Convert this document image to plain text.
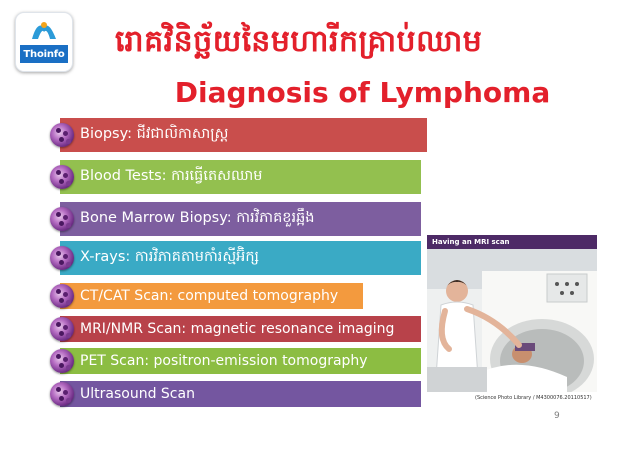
Thoinfo រោគវិនិច្ឆ័យនៃមហារីកគ្រាប់ឈាម
Diagnosis of Lymphoma
Biopsy: ជីវជាលិកាសាស្ត្រ
Blood Tests: ការធ្វើតេសឈាម
Bone Marrow Biopsy: ការវិភាគខួរឆ្អឹង
X-rays: ការវិភាគតាមកាំរស្មីអ៊ិក្ស
CT/CAT Scan: computed tomography
MRI/NMR Scan: magnetic resonance imaging
PET Scan: positron-emission tomography
Ultrasound Scan
Having an MRI scan
(Science Photo Library / M4300076.20110517)
9
